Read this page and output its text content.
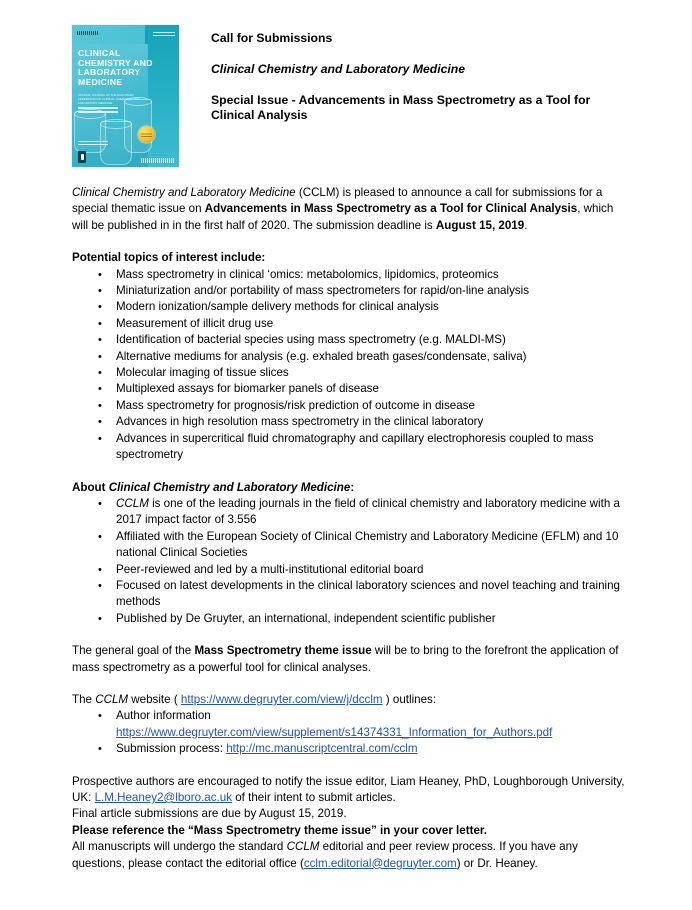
CLINICAL CHEMISTRY AND LABORATORY MEDICINE
OFFICIAL JOURNAL OF THE EUROPEAN FEDERATION OF CLINICAL CHEMISTRY AND LABORATORY MEDICINE

Call for Submissions

Clinical Chemistry and Laboratory Medicine

Special Issue - Advancements in Mass Spectrometry as a Tool for Clinical Analysis

Clinical Chemistry and Laboratory Medicine (CCLM) is pleased to announce a call for submissions for a special thematic issue on Advancements in Mass Spectrometry as a Tool for Clinical Analysis, which will be published in in the first half of 2020. The submission deadline is August 15, 2019.

Potential topics of interest include:

• Mass spectrometry in clinical ‘omics: metabolomics, lipidomics, proteomics
• Miniaturization and/or portability of mass spectrometers for rapid/on-line analysis
• Modern ionization/sample delivery methods for clinical analysis
• Measurement of illicit drug use
• Identification of bacterial species using mass spectrometry (e.g. MALDI-MS)
• Alternative mediums for analysis (e.g. exhaled breath gases/condensate, saliva)
• Molecular imaging of tissue slices
• Multiplexed assays for biomarker panels of disease
• Mass spectrometry for prognosis/risk prediction of outcome in disease
• Advances in high resolution mass spectrometry in the clinical laboratory
• Advances in supercritical fluid chromatography and capillary electrophoresis coupled to mass spectrometry

About Clinical Chemistry and Laboratory Medicine:

• CCLM is one of the leading journals in the field of clinical chemistry and laboratory medicine with a 2017 impact factor of 3.556
• Affiliated with the European Society of Clinical Chemistry and Laboratory Medicine (EFLM) and 10 national Clinical Societies
• Peer-reviewed and led by a multi-institutional editorial board
• Focused on latest developments in the clinical laboratory sciences and novel teaching and training methods
• Published by De Gruyter, an international, independent scientific publisher

The general goal of the Mass Spectrometry theme issue will be to bring to the forefront the application of mass spectrometry as a powerful tool for clinical analyses.

The CCLM website ( https://www.degruyter.com/view/j/dcclm ) outlines:

• Author information
https://www.degruyter.com/view/supplement/s14374331_Information_for_Authors.pdf
• Submission process: http://mc.manuscriptcentral.com/cclm

Prospective authors are encouraged to notify the issue editor, Liam Heaney, PhD, Loughborough University, UK: L.M.Heaney2@lboro.ac.uk of their intent to submit articles.

Final article submissions are due by August 15, 2019.

Please reference the “Mass Spectrometry theme issue” in your cover letter.

All manuscripts will undergo the standard CCLM editorial and peer review process. If you have any questions, please contact the editorial office (cclm.editorial@degruyter.com) or Dr. Heaney.
